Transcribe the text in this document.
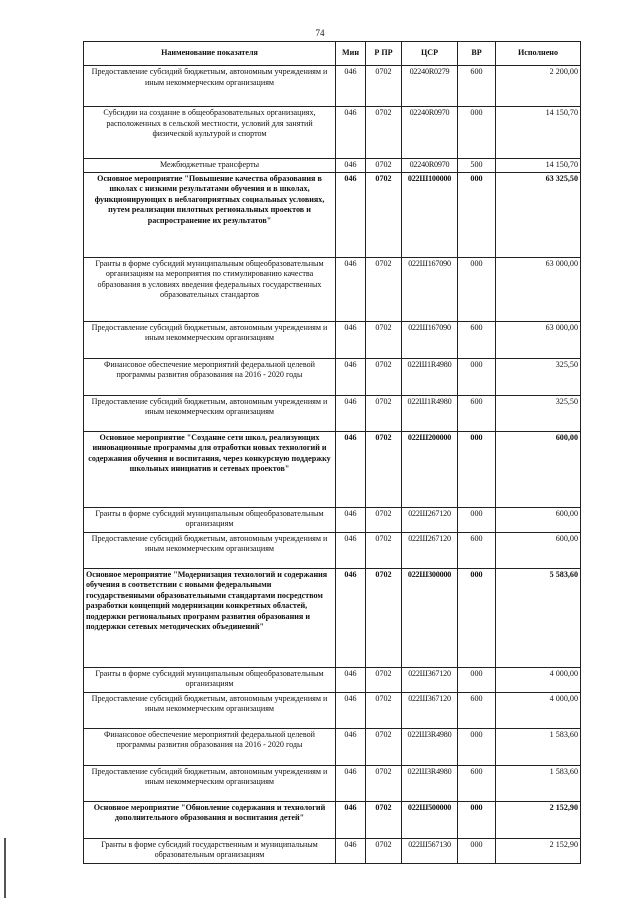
74
Наименование показателя	Мин	Р ПР	ЦСР	ВР	Исполнено
Предоставление субсидий бюджетным, автономным учреждениям и иным некоммерческим организациям	046	0702	02240R0279	600	2 200,00
Субсидии на создание в общеобразовательных организациях, расположенных в сельской местности, условий для занятий физической культурой и спортом	046	0702	02240R0970	000	14 150,70
Межбюджетные трансферты	046	0702	02240R0970	500	14 150,70
Основное мероприятие "Повышение качества образования в школах с низкими результатами обучения и в школах, функционирующих в неблагоприятных социальных условиях, путем реализации пилотных региональных проектов и распространение их результатов"	046	0702	022Ш100000	000	63 325,50
Гранты в форме субсидий муниципальным общеобразовательным организациям на мероприятия по стимулированию качества образования в условиях введения федеральных государственных образовательных стандартов	046	0702	022Ш167090	000	63 000,00
Предоставление субсидий бюджетным, автономным учреждениям и иным некоммерческим организациям	046	0702	022Ш167090	600	63 000,00
Финансовое обеспечение мероприятий федеральной целевой программы развития образования на 2016 - 2020 годы	046	0702	022Ш1R4980	000	325,50
Предоставление субсидий бюджетным, автономным учреждениям и иным некоммерческим организациям	046	0702	022Ш1R4980	600	325,50
Основное мероприятие "Создание сети школ, реализующих инновационные программы для отработки новых технологий и содержания обучения и воспитания, через конкурсную поддержку школьных инициатив и сетевых проектов"	046	0702	022Ш200000	000	600,00
Гранты в форме субсидий муниципальным общеобразовательным организациям	046	0702	022Ш267120	000	600,00
Предоставление субсидий бюджетным, автономным учреждениям и иным некоммерческим организациям	046	0702	022Ш267120	600	600,00
Основное мероприятие "Модернизация технологий и содержания обучения в соответствии с новыми федеральными государственными образовательными стандартами посредством разработки концепций модернизации конкретных областей, поддержки региональных программ развития образования и поддержки сетевых методических объединений"	046	0702	022Ш300000	000	5 583,60
Гранты в форме субсидий муниципальным общеобразовательным организациям	046	0702	022Ш367120	000	4 000,00
Предоставление субсидий бюджетным, автономным учреждениям и иным некоммерческим организациям	046	0702	022Ш367120	600	4 000,00
Финансовое обеспечение мероприятий федеральной целевой программы развития образования на 2016 - 2020 годы	046	0702	022Ш3R4980	000	1 583,60
Предоставление субсидий бюджетным, автономным учреждениям и иным некоммерческим организациям	046	0702	022Ш3R4980	600	1 583,60
Основное мероприятие "Обновление содержания и технологий дополнительного образования и воспитания детей"	046	0702	022Ш500000	000	2 152,90
Гранты в форме субсидий государственным и муниципальным образовательным организациям	046	0702	022Ш567130	000	2 152,90
